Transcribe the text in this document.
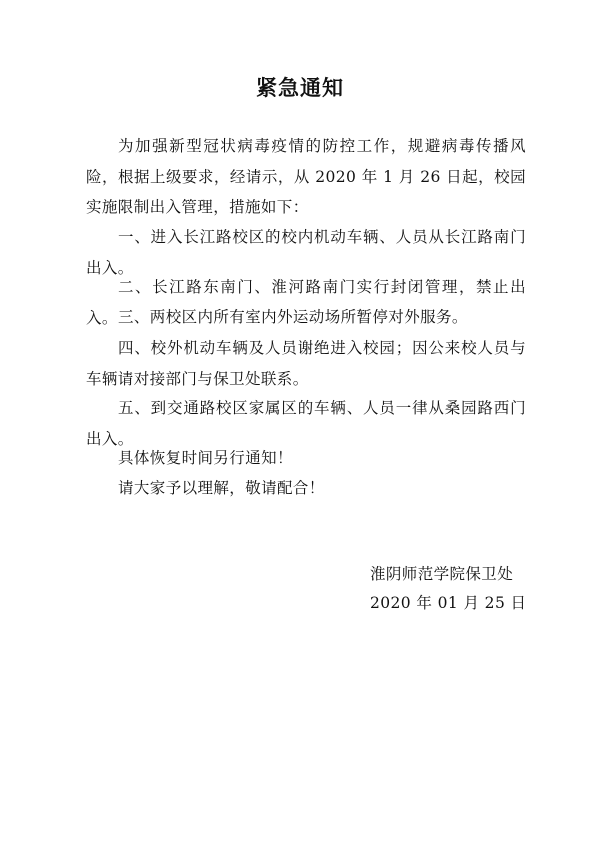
紧急通知

为加强新型冠状病毒疫情的防控工作，规避病毒传播风险，根据上级要求，经请示，从 2020 年 1 月 26 日起，校园实施限制出入管理，措施如下：

一、进入长江路校区的校内机动车辆、人员从长江路南门出入。

二、长江路东南门、淮河路南门实行封闭管理，禁止出入。 三、两校区内所有室内外运动场所暂停对外服务。

四、校外机动车辆及人员谢绝进入校园；因公来校人员与车辆请对接部门与保卫处联系。

五、到交通路校区家属区的车辆、人员一律从桑园路西门出入。

具体恢复时间另行通知！

请大家予以理解，敬请配合！

淮阴师范学院保卫处
2020 年 01 月 25 日
